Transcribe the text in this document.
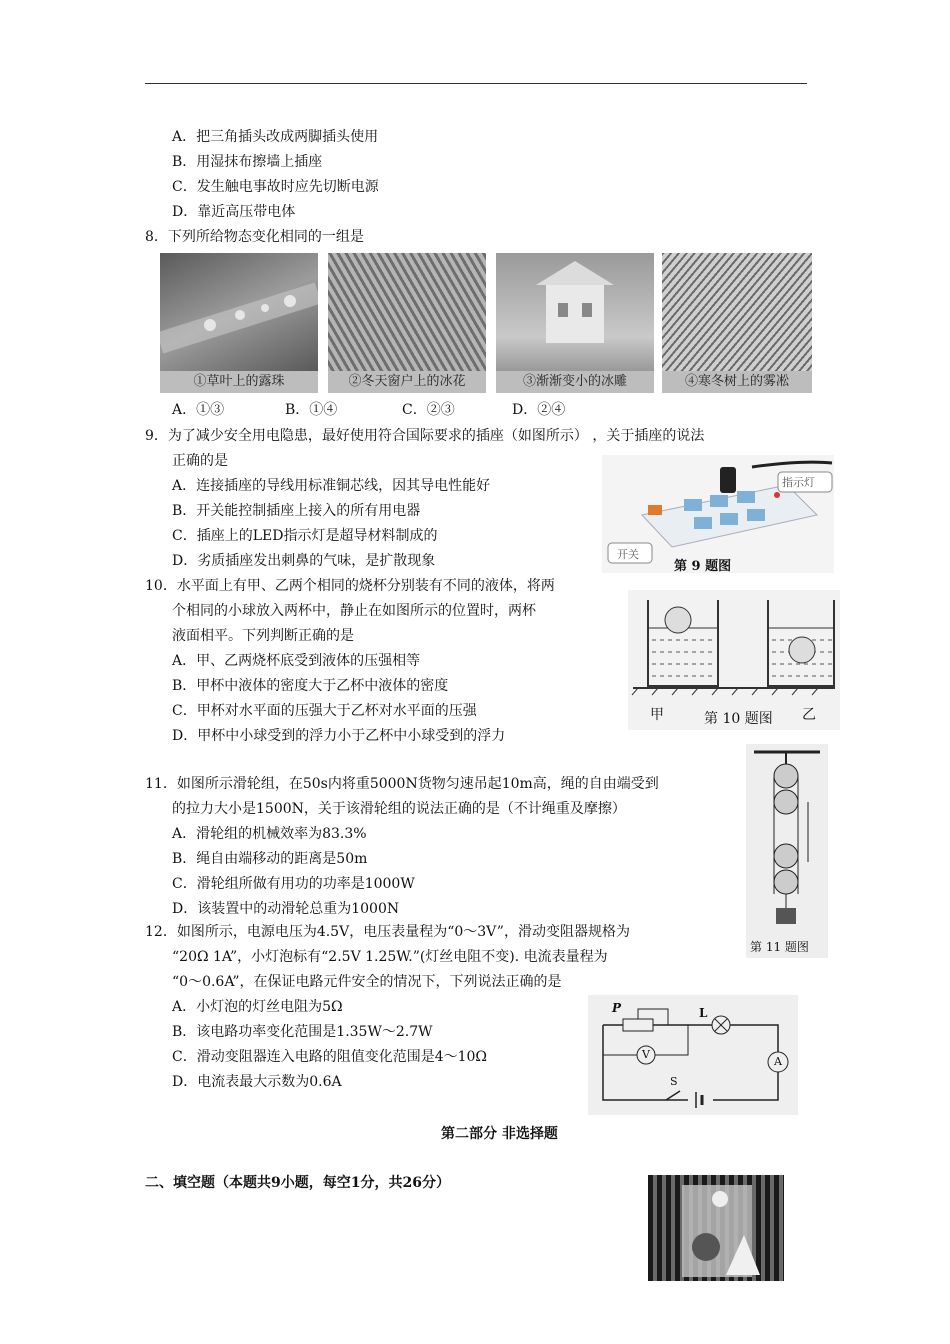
A．把三角插头改成两脚插头使用
B．用湿抹布擦墙上插座
C．发生触电事故时应先切断电源
D．靠近高压带电体
8．下列所给物态变化相同的一组是
①草叶上的露珠	②冬天窗户上的冰花	③渐渐变小的冰雕	④寒冬树上的雾凇
A．①③	B．①④	C．②③	D．②④
9．为了减少安全用电隐患，最好使用符合国际要求的插座（如图所示） ，关于插座的说法
正确的是
A．连接插座的导线用标准铜芯线，因其导电性能好
B．开关能控制插座上接入的所有用电器
C．插座上的LED指示灯是超导材料制成的
D．劣质插座发出刺鼻的气味，是扩散现象
指示灯
开关
第 9 题图
10．水平面上有甲、乙两个相同的烧杯分别装有不同的液体，将两
个相同的小球放入两杯中，静止在如图所示的位置时，两杯
液面相平。下列判断正确的是
A．甲、乙两烧杯底受到液体的压强相等
B．甲杯中液体的密度大于乙杯中液体的密度
C．甲杯对水平面的压强大于乙杯对水平面的压强
D．甲杯中小球受到的浮力小于乙杯中小球受到的浮力
甲	第 10 题图 乙
11．如图所示滑轮组，在50s内将重5000N货物匀速吊起10m高，绳的自由端受到
的拉力大小是1500N，关于该滑轮组的说法正确的是（不计绳重及摩擦）
A．滑轮组的机械效率为83.3%
B．绳自由端移动的距离是50m
C．滑轮组所做有用功的功率是1000W
D．该装置中的动滑轮总重为1000N
第 11 题图
12．如图所示，电源电压为4.5V，电压表量程为“0～3V”，滑动变阻器规格为
“20Ω 1A”，小灯泡标有“2.5V 1.25W.”(灯丝电阻不变). 电流表量程为
“0～0.6A”，在保证电路元件安全的情况下，下列说法正确的是
A．小灯泡的灯丝电阻为5Ω
B．该电路功率变化范围是1.35W～2.7W
C．滑动变阻器连入电路的阻值变化范围是4～10Ω
D．电流表最大示数为0.6A
P	L
V
A
S
第二部分 非选择题
二、填空题（本题共9小题，每空1分，共26分）
